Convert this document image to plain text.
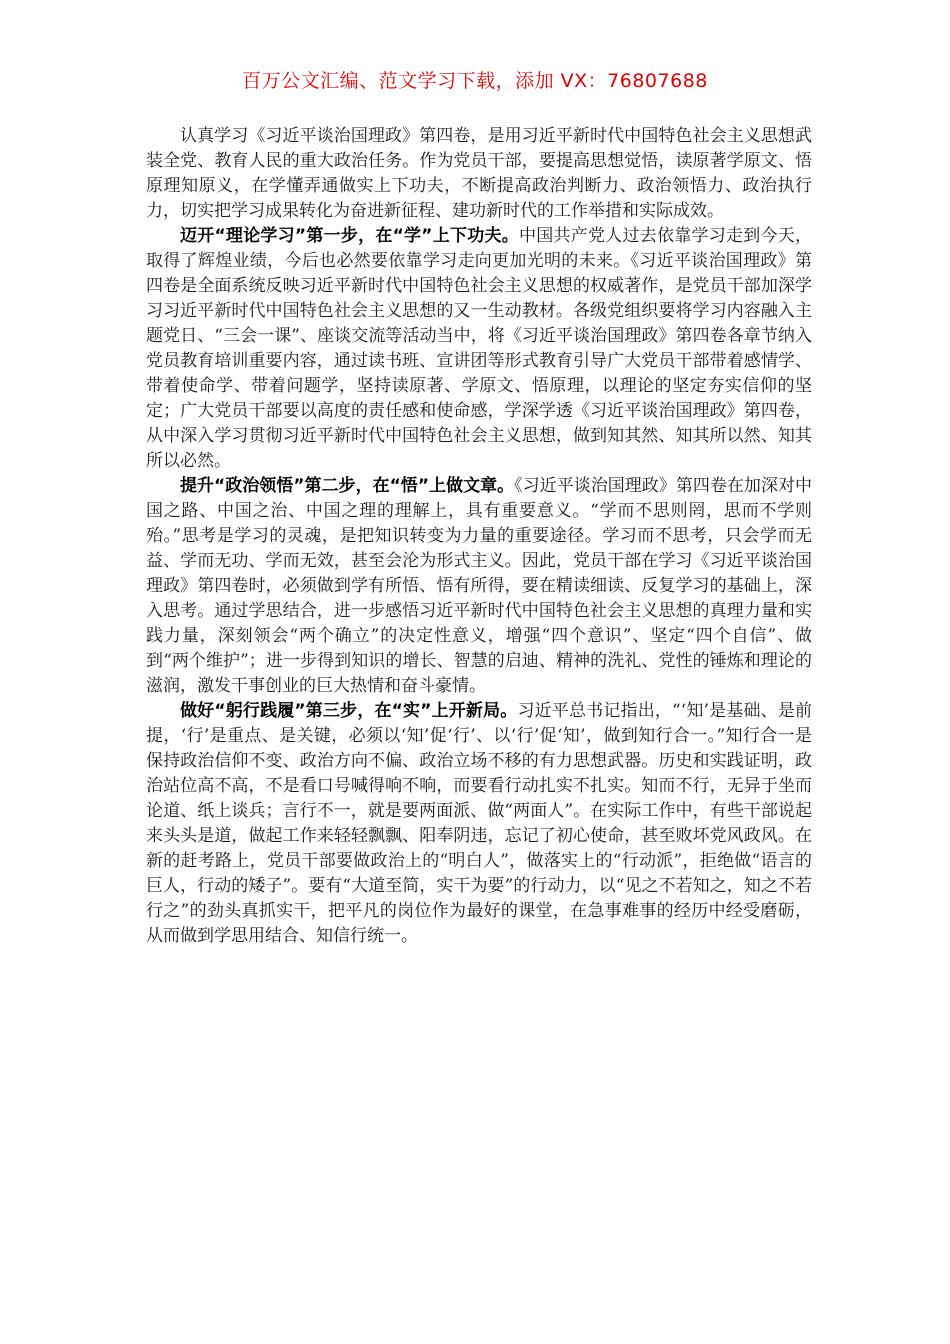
百万公文汇编、范文学习下载，添加 VX：76807688

认真学习《习近平谈治国理政》第四卷，是用习近平新时代中国特色社会主义思想武装全党、教育人民的重大政治任务。作为党员干部，要提高思想觉悟，读原著学原文、悟原理知原义，在学懂弄通做实上下功夫，不断提高政治判断力、政治领悟力、政治执行力，切实把学习成果转化为奋进新征程、建功新时代的工作举措和实际成效。

迈开“理论学习”第一步，在“学”上下功夫。中国共产党人过去依靠学习走到今天，取得了辉煌业绩，今后也必然要依靠学习走向更加光明的未来。《习近平谈治国理政》第四卷是全面系统反映习近平新时代中国特色社会主义思想的权威著作，是党员干部加深学习习近平新时代中国特色社会主义思想的又一生动教材。各级党组织要将学习内容融入主题党日、“三会一课”、座谈交流等活动当中，将《习近平谈治国理政》第四卷各章节纳入党员教育培训重要内容，通过读书班、宣讲团等形式教育引导广大党员干部带着感情学、带着使命学、带着问题学，坚持读原著、学原文、悟原理，以理论的坚定夯实信仰的坚定；广大党员干部要以高度的责任感和使命感，学深学透《习近平谈治国理政》第四卷，从中深入学习贯彻习近平新时代中国特色社会主义思想，做到知其然、知其所以然、知其所以必然。

提升“政治领悟”第二步，在“悟”上做文章。《习近平谈治国理政》第四卷在加深对中国之路、中国之治、中国之理的理解上，具有重要意义。“学而不思则罔，思而不学则殆。”思考是学习的灵魂，是把知识转变为力量的重要途径。学习而不思考，只会学而无益、学而无功、学而无效，甚至会沦为形式主义。因此，党员干部在学习《习近平谈治国理政》第四卷时，必须做到学有所悟、悟有所得，要在精读细读、反复学习的基础上，深入思考。通过学思结合，进一步感悟习近平新时代中国特色社会主义思想的真理力量和实践力量，深刻领会“两个确立”的决定性意义，增强“四个意识”、坚定“四个自信”、做到“两个维护”；进一步得到知识的增长、智慧的启迪、精神的洗礼、党性的锤炼和理论的滋润，激发干事创业的巨大热情和奋斗豪情。

做好“躬行践履”第三步，在“实”上开新局。习近平总书记指出，“‘知’是基础、是前提，‘行’是重点、是关键，必须以‘知’促‘行’、以‘行’促‘知’，做到知行合一。”知行合一是保持政治信仰不变、政治方向不偏、政治立场不移的有力思想武器。历史和实践证明，政治站位高不高，不是看口号喊得响不响，而要看行动扎实不扎实。知而不行，无异于坐而论道、纸上谈兵；言行不一，就是要两面派、做“两面人”。在实际工作中，有些干部说起来头头是道，做起工作来轻轻飘飘、阳奉阴违，忘记了初心使命，甚至败坏党风政风。在新的赶考路上，党员干部要做政治上的“明白人”，做落实上的“行动派”，拒绝做“语言的巨人，行动的矮子”。要有“大道至简，实干为要”的行动力，以“见之不若知之，知之不若行之”的劲头真抓实干，把平凡的岗位作为最好的课堂，在急事难事的经历中经受磨砺，从而做到学思用结合、知信行统一。
